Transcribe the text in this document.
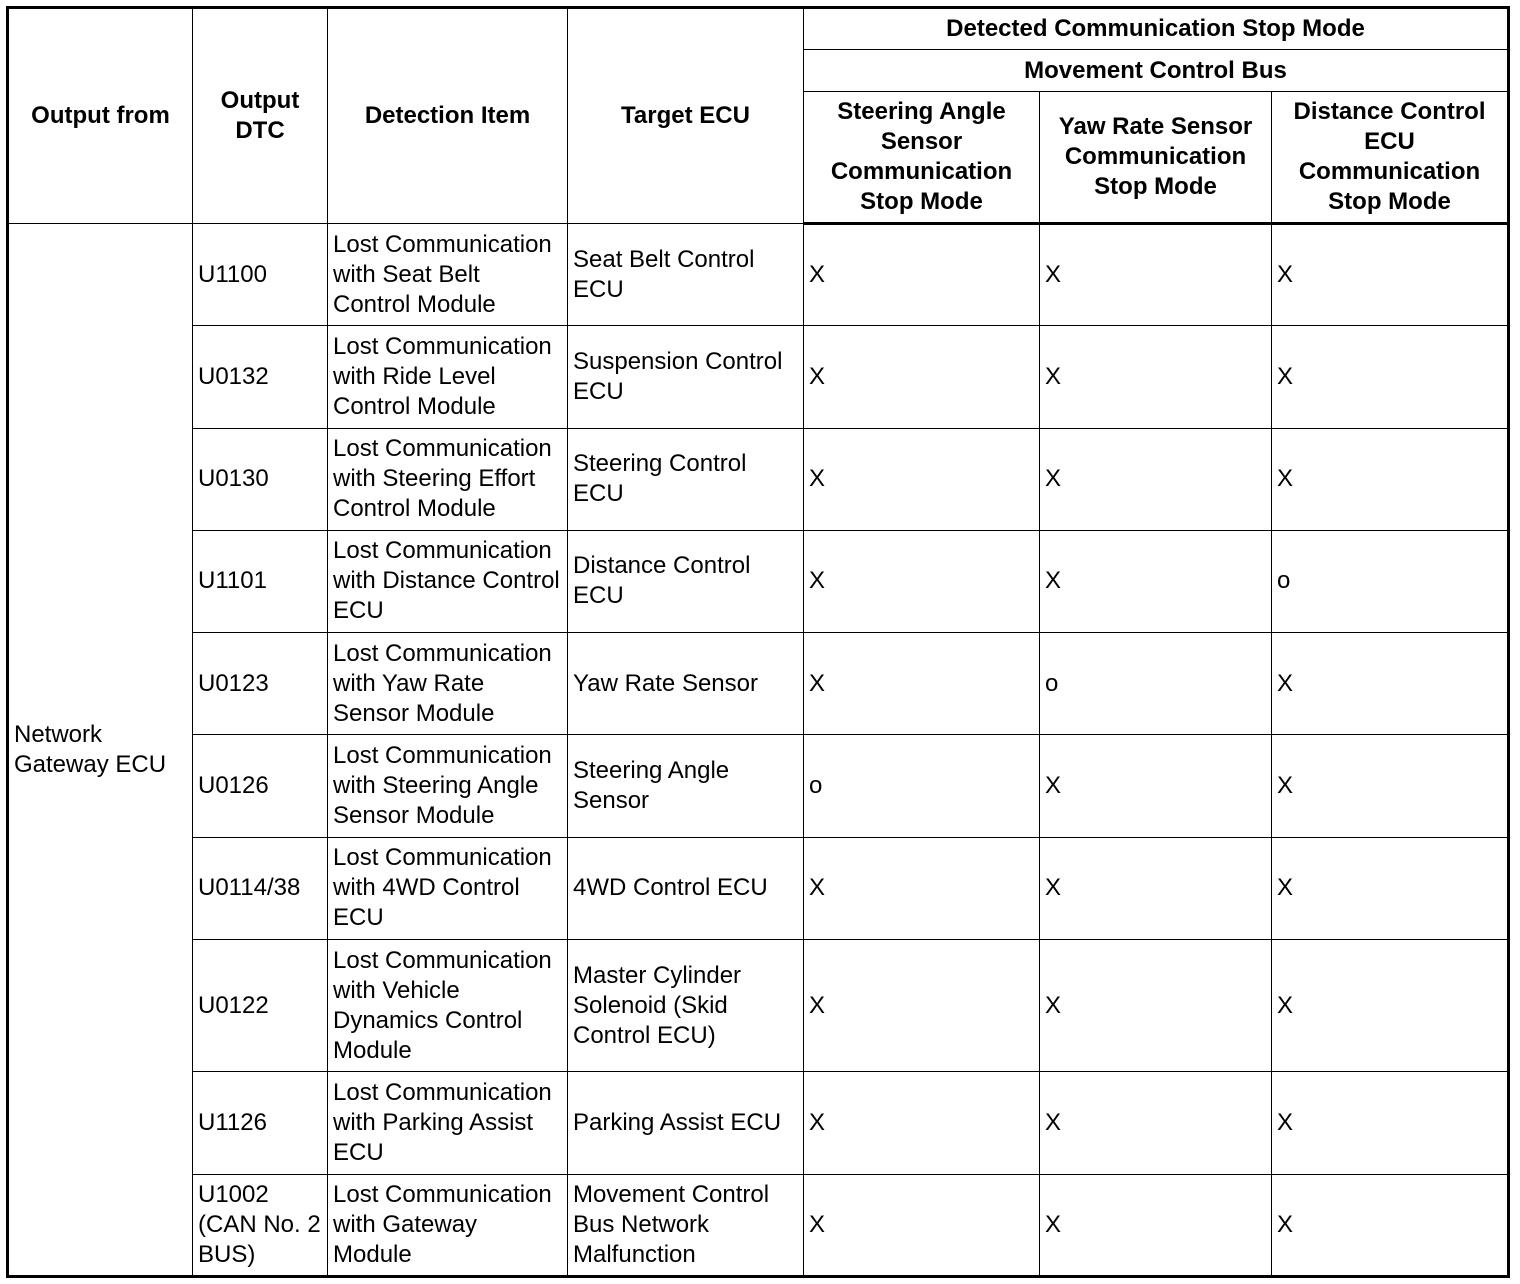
Output from	Output DTC	Detection Item	Target ECU	Detected Communication Stop Mode		
				Movement Control Bus		
				Steering Angle Sensor Communication Stop Mode	Yaw Rate Sensor Communication Stop Mode	Distance Control ECU Communication Stop Mode
Network Gateway ECU	U1100	Lost Communication with Seat Belt Control Module	Seat Belt Control ECU	X	X	X
	U0132	Lost Communication with Ride Level Control Module	Suspension Control ECU	X	X	X
	U0130	Lost Communication with Steering Effort Control Module	Steering Control ECU	X	X	X
	U1101	Lost Communication with Distance Control ECU	Distance Control ECU	X	X	o
	U0123	Lost Communication with Yaw Rate Sensor Module	Yaw Rate Sensor	X	o	X
	U0126	Lost Communication with Steering Angle Sensor Module	Steering Angle Sensor	o	X	X
	U0114/38	Lost Communication with 4WD Control ECU	4WD Control ECU	X	X	X
	U0122	Lost Communication with Vehicle Dynamics Control Module	Master Cylinder Solenoid (Skid Control ECU)	X	X	X
	U1126	Lost Communication with Parking Assist ECU	Parking Assist ECU	X	X	X
	U1002 (CAN No. 2 BUS)	Lost Communication with Gateway Module	Movement Control Bus Network Malfunction	X	X	X
